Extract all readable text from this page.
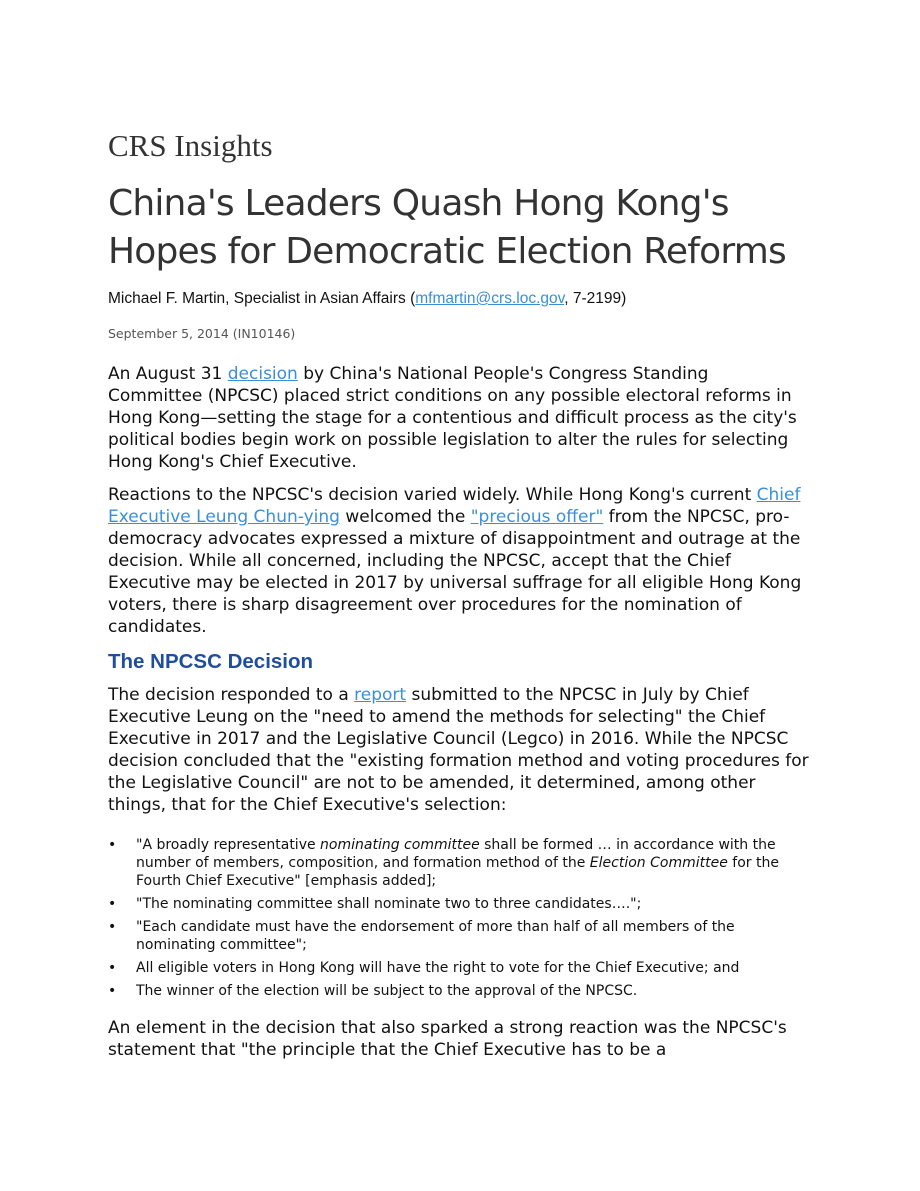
CRS Insights
China's Leaders Quash Hong Kong's Hopes for Democratic Election Reforms
Michael F. Martin, Specialist in Asian Affairs (mfmartin@crs.loc.gov, 7-2199)
September 5, 2014 (IN10146)

An August 31 decision by China's National People's Congress Standing Committee (NPCSC) placed strict conditions on any possible electoral reforms in Hong Kong—setting the stage for a contentious and difficult process as the city's political bodies begin work on possible legislation to alter the rules for selecting Hong Kong's Chief Executive.

Reactions to the NPCSC's decision varied widely. While Hong Kong's current Chief Executive Leung Chun-ying welcomed the "precious offer" from the NPCSC, pro-democracy advocates expressed a mixture of disappointment and outrage at the decision. While all concerned, including the NPCSC, accept that the Chief Executive may be elected in 2017 by universal suffrage for all eligible Hong Kong voters, there is sharp disagreement over procedures for the nomination of candidates.

The NPCSC Decision

The decision responded to a report submitted to the NPCSC in July by Chief Executive Leung on the "need to amend the methods for selecting" the Chief Executive in 2017 and the Legislative Council (Legco) in 2016. While the NPCSC decision concluded that the "existing formation method and voting procedures for the Legislative Council" are not to be amended, it determined, among other things, that for the Chief Executive's selection:

• "A broadly representative nominating committee shall be formed … in accordance with the number of members, composition, and formation method of the Election Committee for the Fourth Chief Executive" [emphasis added];
• "The nominating committee shall nominate two to three candidates….";
• "Each candidate must have the endorsement of more than half of all members of the nominating committee";
• All eligible voters in Hong Kong will have the right to vote for the Chief Executive; and
• The winner of the election will be subject to the approval of the NPCSC.

An element in the decision that also sparked a strong reaction was the NPCSC's statement that "the principle that the Chief Executive has to be a
